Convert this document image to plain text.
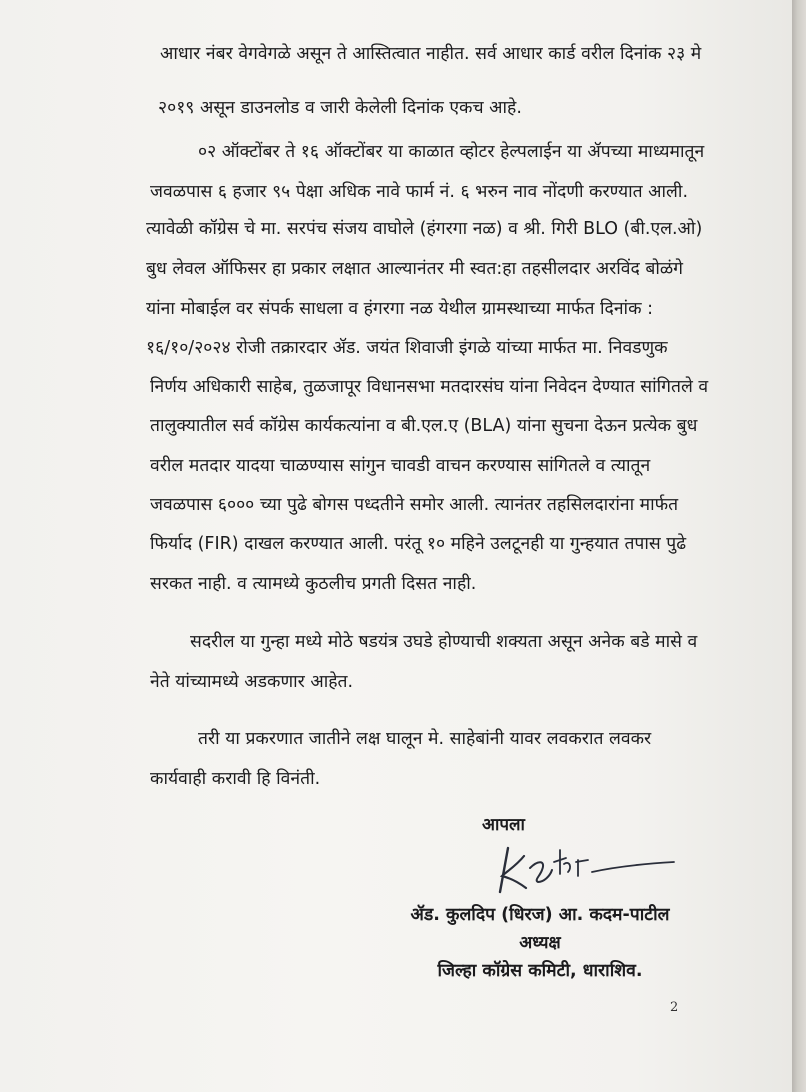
आधार नंबर वेगवेगळे असून ते आस्तित्वात नाहीत. सर्व आधार कार्ड वरील दिनांक २३ मे

२०१९ असून डाउनलोड व जारी केलेली दिनांक एकच आहे.

०२ ऑक्टोंबर ते १६ ऑक्टोंबर या काळात व्होटर हेल्पलाईन या ॲपच्या माध्यमातून

जवळपास ६ हजार ९५ पेक्षा अधिक नावे फार्म नं. ६ भरुन नाव नोंदणी करण्यात आली.

त्यावेळी कॉग्रेस चे मा. सरपंच संजय वाघोले (हंगरगा नळ) व श्री. गिरी BLO (बी.एल.ओ)

बुध लेवल ऑफिसर हा प्रकार लक्षात आल्यानंतर मी स्वत:हा तहसीलदार अरविंद बोळंगे

यांना मोबाईल वर संपर्क साधला व हंगरगा नळ येथील ग्रामस्थाच्या मार्फत दिनांक :

१६/१०/२०२४ रोजी तक्रारदार ॲड. जयंत शिवाजी इंगळे यांच्या मार्फत मा. निवडणुक

निर्णय अधिकारी साहेब, तुळजापूर विधानसभा मतदारसंघ यांना निवेदन देण्यात सांगितले व

तालुक्यातील सर्व कॉग्रेस कार्यकत्यांना व बी.एल.ए (BLA) यांना सुचना देऊन प्रत्येक बुध

वरील मतदार यादया चाळण्यास सांगुन चावडी वाचन करण्यास सांगितले व त्यातून

जवळपास ६००० च्या पुढे बोगस पध्दतीने समोर आली. त्यानंतर तहसिलदारांना मार्फत

फिर्याद (FIR) दाखल करण्यात आली. परंतू १० महिने उलटूनही या गुन्हयात तपास पुढे

सरकत नाही. व त्यामध्ये कुठलीच प्रगती दिसत नाही.

सदरील या गुन्हा मध्ये मोठे षडयंत्र उघडे होण्याची शक्यता असून अनेक बडे मासे व

नेते यांच्यामध्ये अडकणार आहेत.

तरी या प्रकरणात जातीने लक्ष घालून मे. साहेबांनी यावर लवकरात लवकर

कार्यवाही करावी हि विनंती.

आपला
ॲड. कुलदिप (धिरज) आ. कदम-पाटील
अध्यक्ष
जिल्हा कॉग्रेस कमिटी, धाराशिव.
2
